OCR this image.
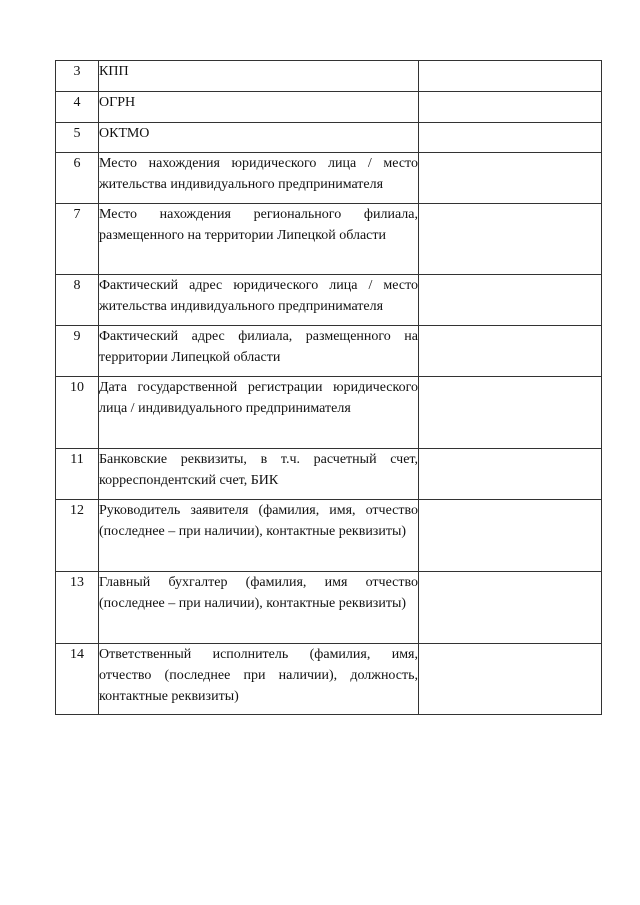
3	КПП	
4	ОГРН	
5	ОКТМО	
6	Место нахождения юридического лица / место жительства индивидуального предпринимателя	
7	Место нахождения регионального филиала, размещенного на территории Липецкой области	
8	Фактический адрес юридического лица / место жительства индивидуального предпринимателя	
9	Фактический адрес филиала, размещенного на территории Липецкой области	
10	Дата государственной регистрации юридического лица / индивидуального предпринимателя	
11	Банковские реквизиты, в т.ч. расчетный счет, корреспондентский счет, БИК	
12	Руководитель заявителя (фамилия, имя, отчество (последнее – при наличии), контактные реквизиты)	
13	Главный бухгалтер (фамилия, имя отчество (последнее – при наличии), контактные реквизиты)	
14	Ответственный исполнитель (фамилия, имя, отчество (последнее при наличии), должность, контактные реквизиты)	
